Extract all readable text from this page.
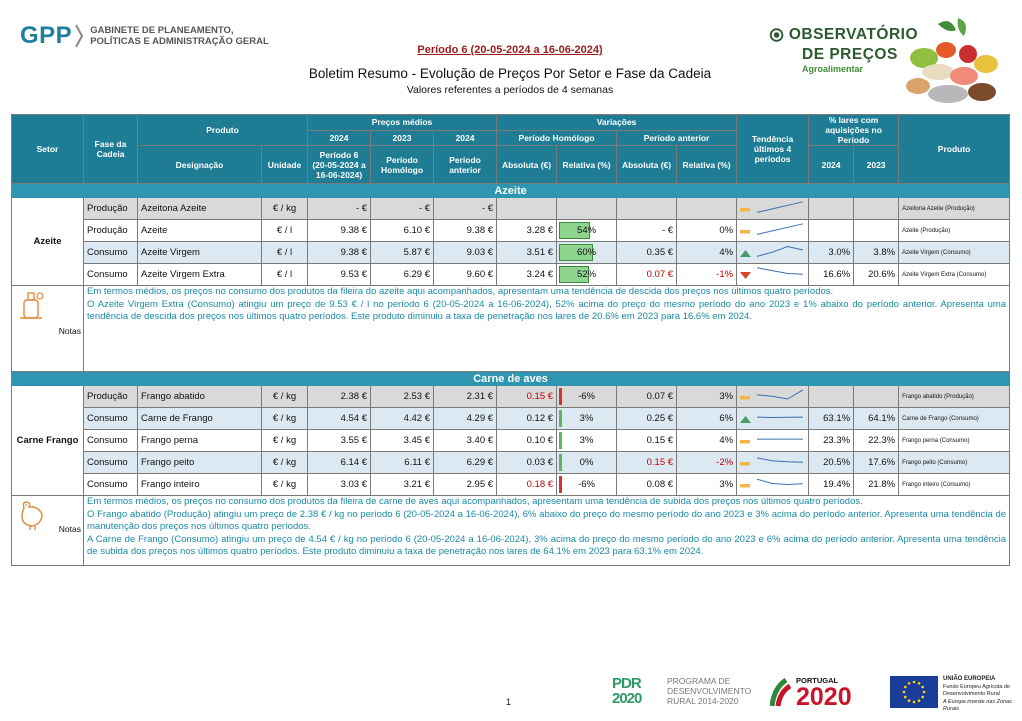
GPP GABINETE DE PLANEAMENTO,
POLÍTICAS E ADMINISTRAÇÃO GERAL
Período 6 (20-05-2024 a 16-06-2024)
Boletim Resumo - Evolução de Preços Por Setor e Fase da Cadeia
Valores referentes a períodos de 4 semanas
OBSERVATÓRIO
DE PREÇOS
Agroalimentar
Setor	Fase da Cadeia	Produto		Preços médios			Variações				Tendência últimos 4 períodos	% lares com aquisições no Período		Produto
				2024	2023	2024	Período Homólogo		Período anterior					
		Designação	Unidade	Período 6 (20-05-2024 a 16-06-2024)	Período Homólogo	Período anterior	Absoluta (€)	Relativa (%)	Absoluta (€)	Relativa (%)		2024	2023	
Azeite														
Azeite	Produção	Azeitona Azeite	€ / kg	- €	- €	- €								Azeitona Azeite (Produção)
	Produção	Azeite	€ / l	9.38 €	6.10 €	9.38 €	3.28 €	54%	- €	0%				Azeite (Produção)
	Consumo	Azeite Virgem	€ / l	9.38 €	5.87 €	9.03 €	3.51 €	60%	0.35 €	4%		3.0%	3.8%	Azeite Virgem (Consumo)
	Consumo	Azeite Virgem Extra	€ / l	9.53 €	6.29 €	9.60 €	3.24 €	52%	0.07 €	-1%		16.6%	20.6%	Azeite Virgem Extra (Consumo)

Notas	Em termos médios, os preços no consumo dos produtos da fileira do azeite aqui acompanhados, apresentam uma tendência de descida dos preços nos últimos quatro períodos.

O Azeite Virgem Extra (Consumo) atingiu um preço de 9.53 € / l no período 6 (20-05-2024 a 16-06-2024), 52% acima do preço do mesmo período do ano 2023 e 1% abaixo do período anterior. Apresenta uma tendência de descida dos preços nos últimos quatro períodos. Este produto diminuiu a taxa de penetração nos lares de 20.6% em 2023 para 16.6% em 2024.													

Carne de aves														
Carne Frango	Produção	Frango abatido	€ / kg	2.38 €	2.53 €	2.31 €	0.15 €	-6%	0.07 €	3%				Frango abatido (Produção)
	Consumo	Carne de Frango	€ / kg	4.54 €	4.42 €	4.29 €	0.12 €	3%	0.25 €	6%		63.1%	64.1%	Carne de Frango (Consumo)
	Consumo	Frango perna	€ / kg	3.55 €	3.45 €	3.40 €	0.10 €	3%	0.15 €	4%		23.3%	22.3%	Frango perna (Consumo)
	Consumo	Frango peito	€ / kg	6.14 €	6.11 €	6.29 €	0.03 €	0%	0.15 €	-2%		20.5%	17.6%	Frango peito (Consumo)
	Consumo	Frango inteiro	€ / kg	3.03 €	3.21 €	2.95 €	0.18 €	-6%	0.08 €	3%		19.4%	21.8%	Frango inteiro (Consumo)

Notas	Em termos médios, os preços no consumo dos produtos da fileira de carne de aves aqui acompanhados, apresentam uma tendência de subida dos preços nos últimos quatro períodos.

O Frango abatido (Produção) atingiu um preço de 2.38 € / kg no período 6 (20-05-2024 a 16-06-2024), 6% abaixo do preço do mesmo período do ano 2023 e 3% acima do período anterior. Apresenta uma tendência de manutenção dos preços nos últimos quatro períodos.

A Carne de Frango (Consumo) atingiu um preço de 4.54 € / kg no período 6 (20-05-2024 a 16-06-2024), 3% acima do preço do mesmo período do ano 2023 e 6% acima do período anterior. Apresenta uma tendência de subida dos preços nos últimos quatro períodos. Este produto diminuiu a taxa de penetração nos lares de 64.1% em 2023 para 63.1% em 2024.													

1
PDR 2020
PROGRAMA DE
DESENVOLVIMENTO
RURAL 2014-2020
PORTUGAL
2020
UNIÃO EUROPEIA
Fundo Europeu Agrícola de Desenvolvimento Rural
A Europa investe nas Zonas Rurais
